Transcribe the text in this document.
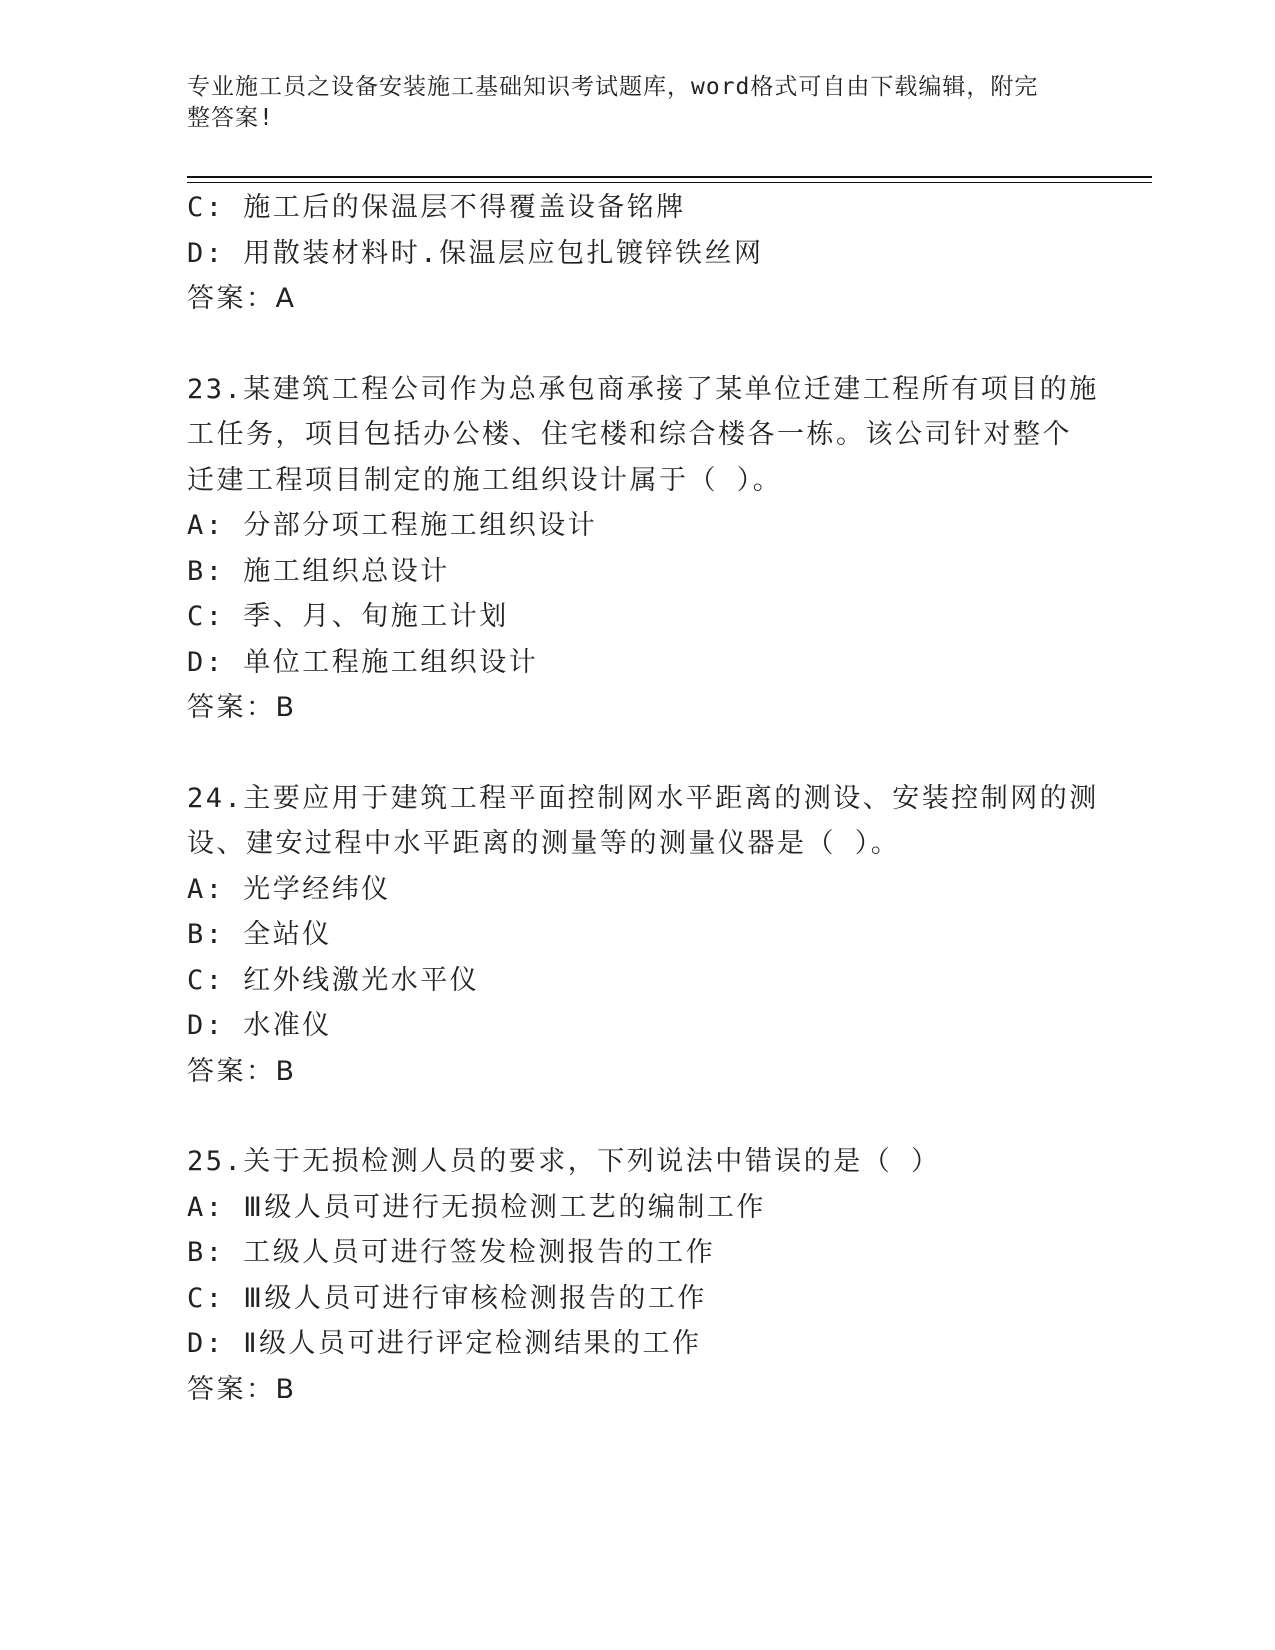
专业施工员之设备安装施工基础知识考试题库，word格式可自由下载编辑，附完
整答案!
C: 施工后的保温层不得覆盖设备铭牌
D: 用散装材料时.保温层应包扎镀锌铁丝网
答案：A
23.某建筑工程公司作为总承包商承接了某单位迁建工程所有项目的施
工任务，项目包括办公楼、住宅楼和综合楼各一栋。该公司针对整个
迁建工程项目制定的施工组织设计属于（ ）。
A: 分部分项工程施工组织设计
B: 施工组织总设计
C: 季、月、旬施工计划
D: 单位工程施工组织设计
答案：B
24.主要应用于建筑工程平面控制网水平距离的测设、安装控制网的测
设、建安过程中水平距离的测量等的测量仪器是（ ）。
A: 光学经纬仪
B: 全站仪
C: 红外线激光水平仪
D: 水准仪
答案：B
25.关于无损检测人员的要求，下列说法中错误的是（ ）
A: Ⅲ级人员可进行无损检测工艺的编制工作
B: 工级人员可进行签发检测报告的工作
C: Ⅲ级人员可进行审核检测报告的工作
D: Ⅱ级人员可进行评定检测结果的工作
答案：B
